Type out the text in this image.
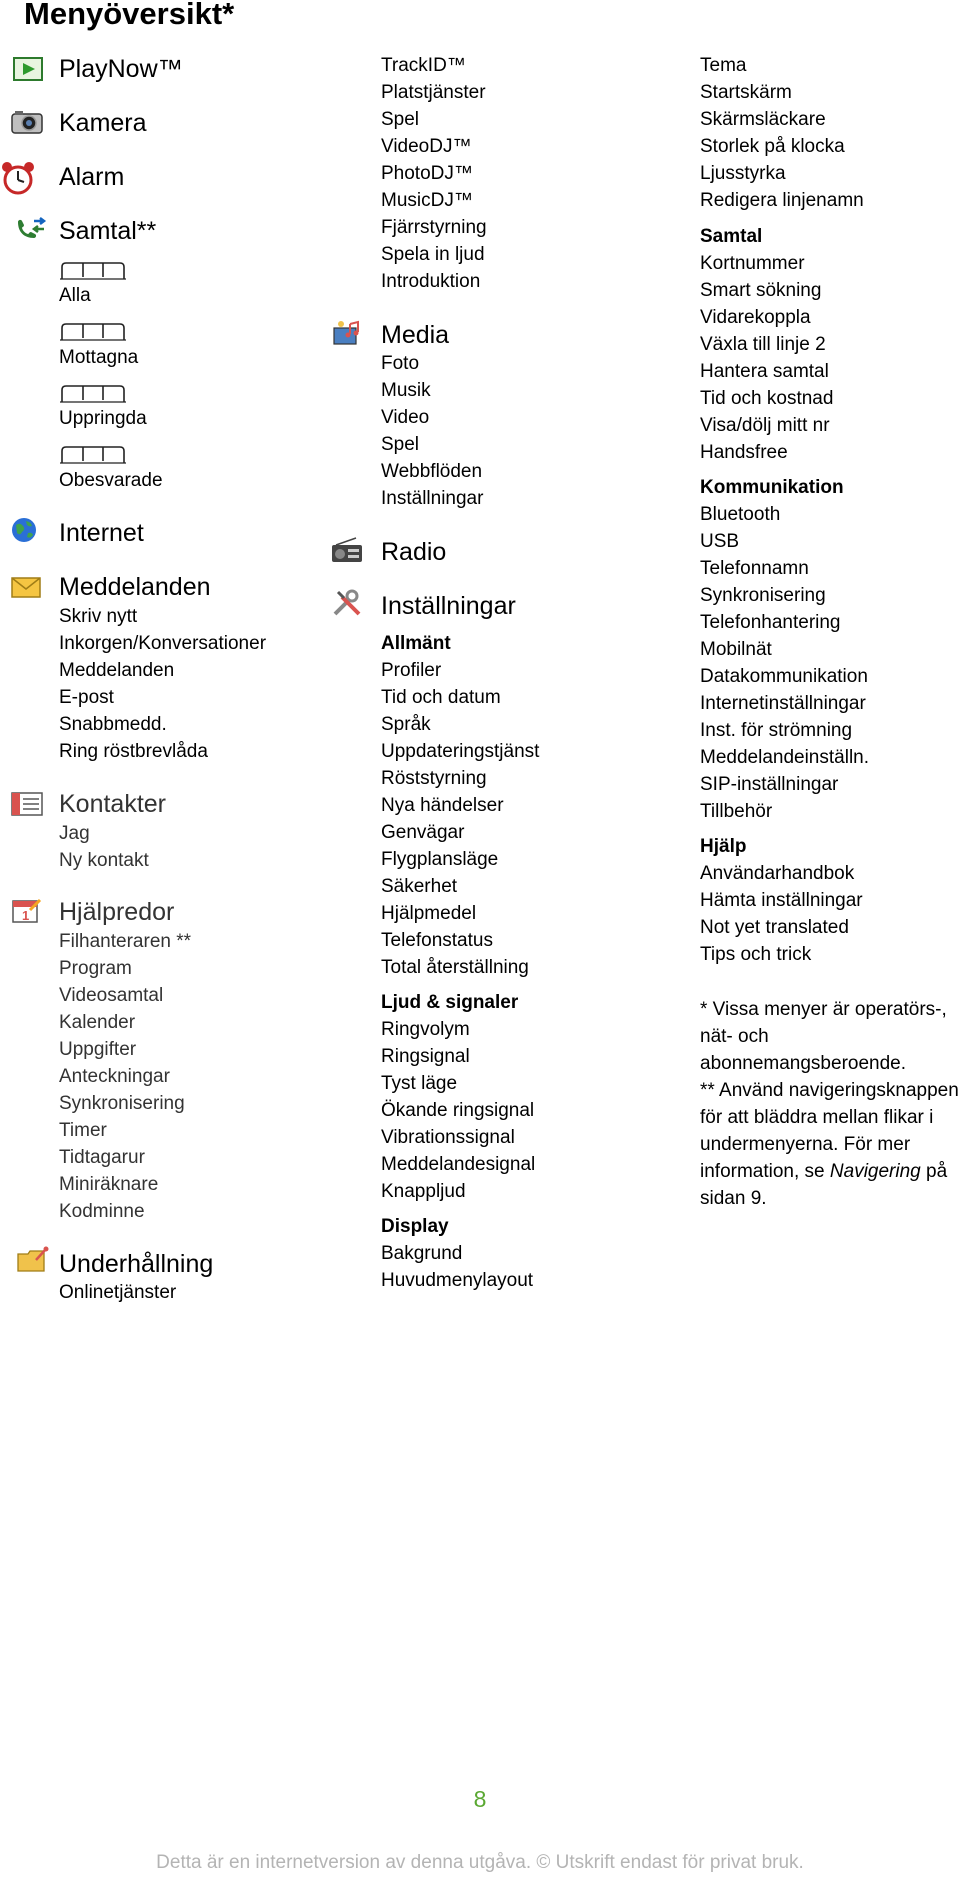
Menyöversikt*
PlayNow™
Kamera
Alarm
Samtal**
Alla
Mottagna
Uppringda
Obesvarade
Internet
Meddelanden
Skriv nytt
Inkorgen/Konversationer
Meddelanden
E-post
Snabbmedd.
Ring röstbrevlåda
Kontakter
Jag
Ny kontakt
1 Hjälpredor
Filhanteraren **
Program
Videosamtal
Kalender
Uppgifter
Anteckningar
Synkronisering
Timer
Tidtagarur
Miniräknare
Kodminne
Underhållning
Onlinetjänster
TrackID™
Platstjänster
Spel
VideoDJ™
PhotoDJ™
MusicDJ™
Fjärrstyrning
Spela in ljud
Introduktion
Media
Foto
Musik
Video
Spel
Webbflöden
Inställningar
Radio
Inställningar
Allmänt
Profiler
Tid och datum
Språk
Uppdateringstjänst
Röststyrning
Nya händelser
Genvägar
Flygplansläge
Säkerhet
Hjälpmedel
Telefonstatus
Total återställning
Ljud & signaler
Ringvolym
Ringsignal
Tyst läge
Ökande ringsignal
Vibrationssignal
Meddelandesignal
Knappljud
Display
Bakgrund
Huvudmenylayout
Tema
Startskärm
Skärmsläckare
Storlek på klocka
Ljusstyrka
Redigera linjenamn
Samtal
Kortnummer
Smart sökning
Vidarekoppla
Växla till linje 2
Hantera samtal
Tid och kostnad
Visa/dölj mitt nr
Handsfree
Kommunikation
Bluetooth
USB
Telefonnamn
Synkronisering
Telefonhantering
Mobilnät
Datakommunikation
Internetinställningar
Inst. för strömning
Meddelandeinställn.
SIP-inställningar
Tillbehör
Hjälp
Användarhandbok
Hämta inställningar
Not yet translated
Tips och trick
* Vissa menyer är operatörs-, nät- och abonnemangsberoende.
** Använd navigeringsknappen för att bläddra mellan flikar i undermenyerna. För mer information, se Navigering på sidan 9.
8
Detta är en internetversion av denna utgåva. © Utskrift endast för privat bruk.
